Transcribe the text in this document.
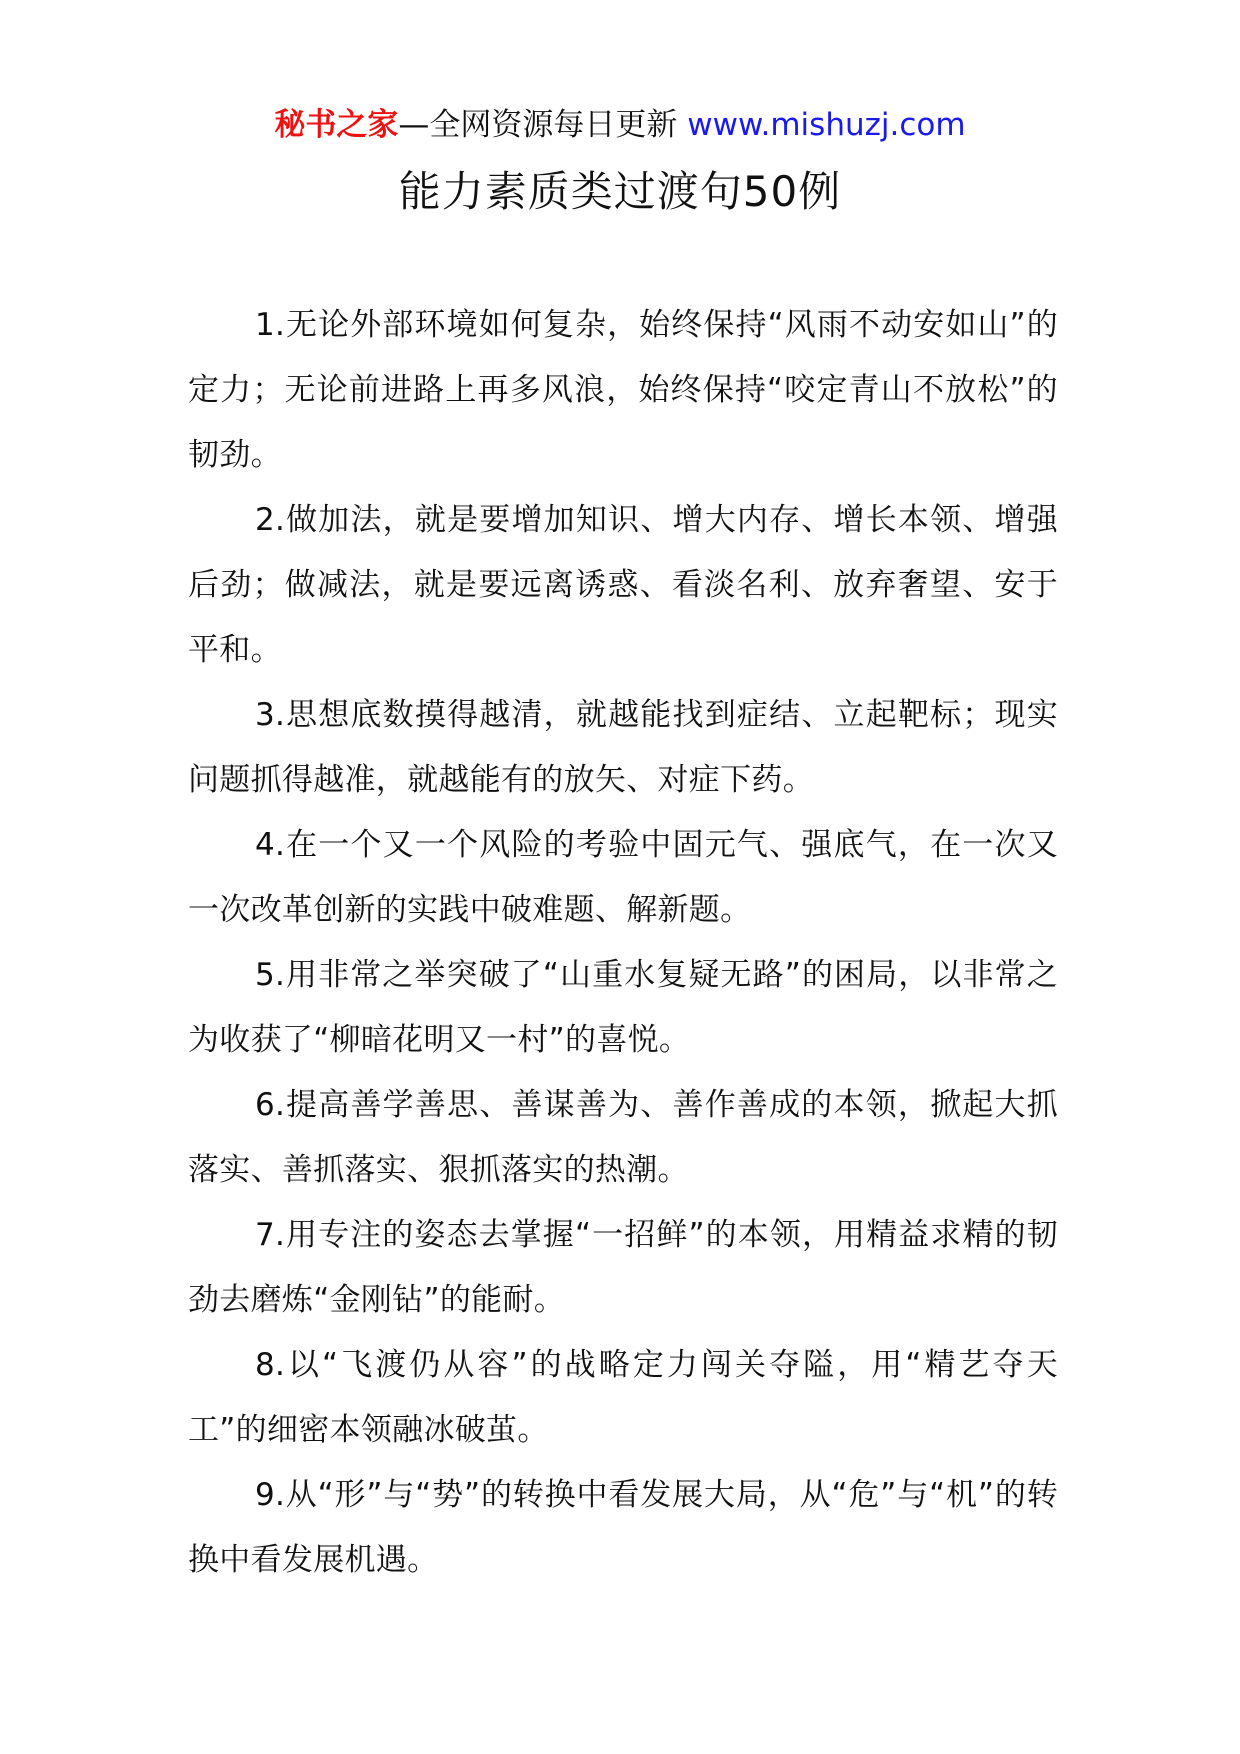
秘书之家—全网资源每日更新 www.mishuzj.com
能力素质类过渡句50例

1.无论外部环境如何复杂，始终保持“风雨不动安如山”的定力；无论前进路上再多风浪，始终保持“咬定青山不放松”的韧劲。

2.做加法，就是要增加知识、增大内存、增长本领、增强后劲；做减法，就是要远离诱惑、看淡名利、放弃奢望、安于平和。

3.思想底数摸得越清，就越能找到症结、立起靶标；现实问题抓得越准，就越能有的放矢、对症下药。

4.在一个又一个风险的考验中固元气、强底气，在一次又一次改革创新的实践中破难题、解新题。

5.用非常之举突破了“山重水复疑无路”的困局，以非常之为收获了“柳暗花明又一村”的喜悦。

6.提高善学善思、善谋善为、善作善成的本领，掀起大抓落实、善抓落实、狠抓落实的热潮。

7.用专注的姿态去掌握“一招鲜”的本领，用精益求精的韧劲去磨炼“金刚钻”的能耐。

8.以“飞渡仍从容”的战略定力闯关夺隘，用“精艺夺天工”的细密本领融冰破茧。

9.从“形”与“势”的转换中看发展大局，从“危”与“机”的转换中看发展机遇。
